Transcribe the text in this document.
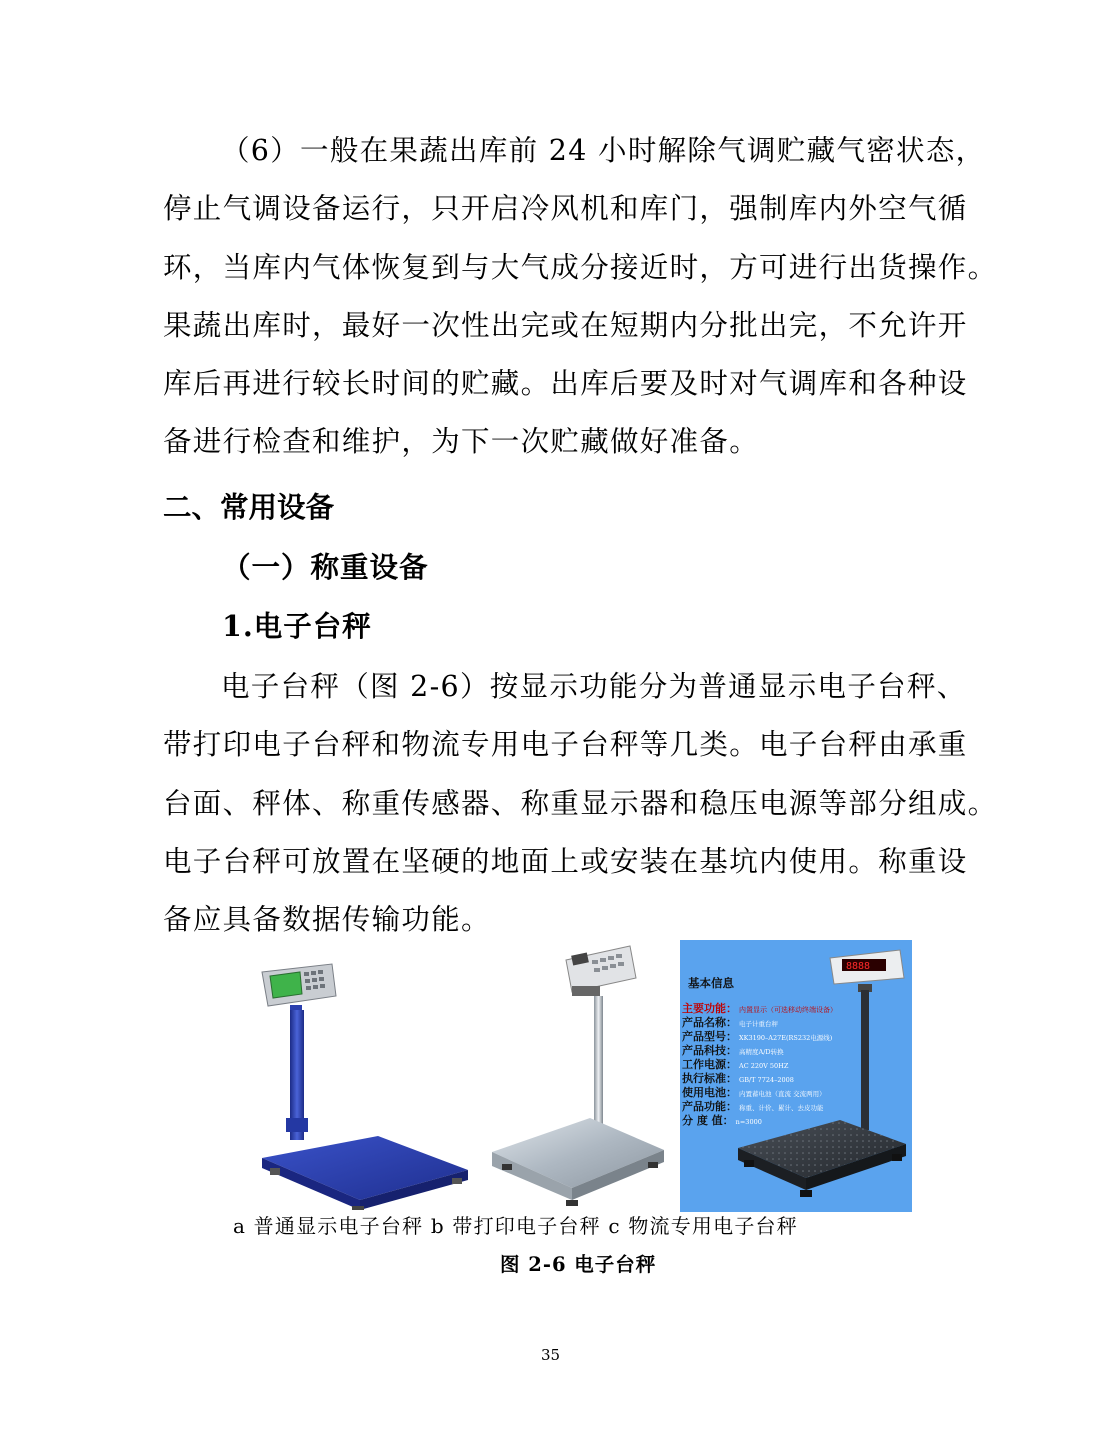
（6）一般在果蔬出库前 24 小时解除气调贮藏气密状态，
停止气调设备运行，只开启冷风机和库门，强制库内外空气循
环，当库内气体恢复到与大气成分接近时，方可进行出货操作。
果蔬出库时，最好一次性出完或在短期内分批出完，不允许开
库后再进行较长时间的贮藏。出库后要及时对气调库和各种设
备进行检查和维护，为下一次贮藏做好准备。
二、常用设备
（一）称重设备
1.电子台秤
电子台秤（图 2-6）按显示功能分为普通显示电子台秤、
带打印电子台秤和物流专用电子台秤等几类。电子台秤由承重
台面、秤体、称重传感器、称重显示器和稳压电源等部分组成。
电子台秤可放置在坚硬的地面上或安装在基坑内使用。称重设
备应具备数据传输功能。
8888
基本信息
主要功能： 内置显示（可选移动终端设备）
产品名称： 电子计重台秤
产品型号： XK3190–A27E(RS232电源线)
产品科技： 高精度A/D转换
工作电源： AC 220V 50HZ
执行标准： GB/T 7724–2008
使用电池： 内置蓄电池（直流 交流两用）
产品功能： 称重、计价、累计、去皮功能
分 度 值： n=3000

a 普通显示电子台秤 b 带打印电子台秤 c 物流专用电子台秤

图 2-6 电子台秤

35
